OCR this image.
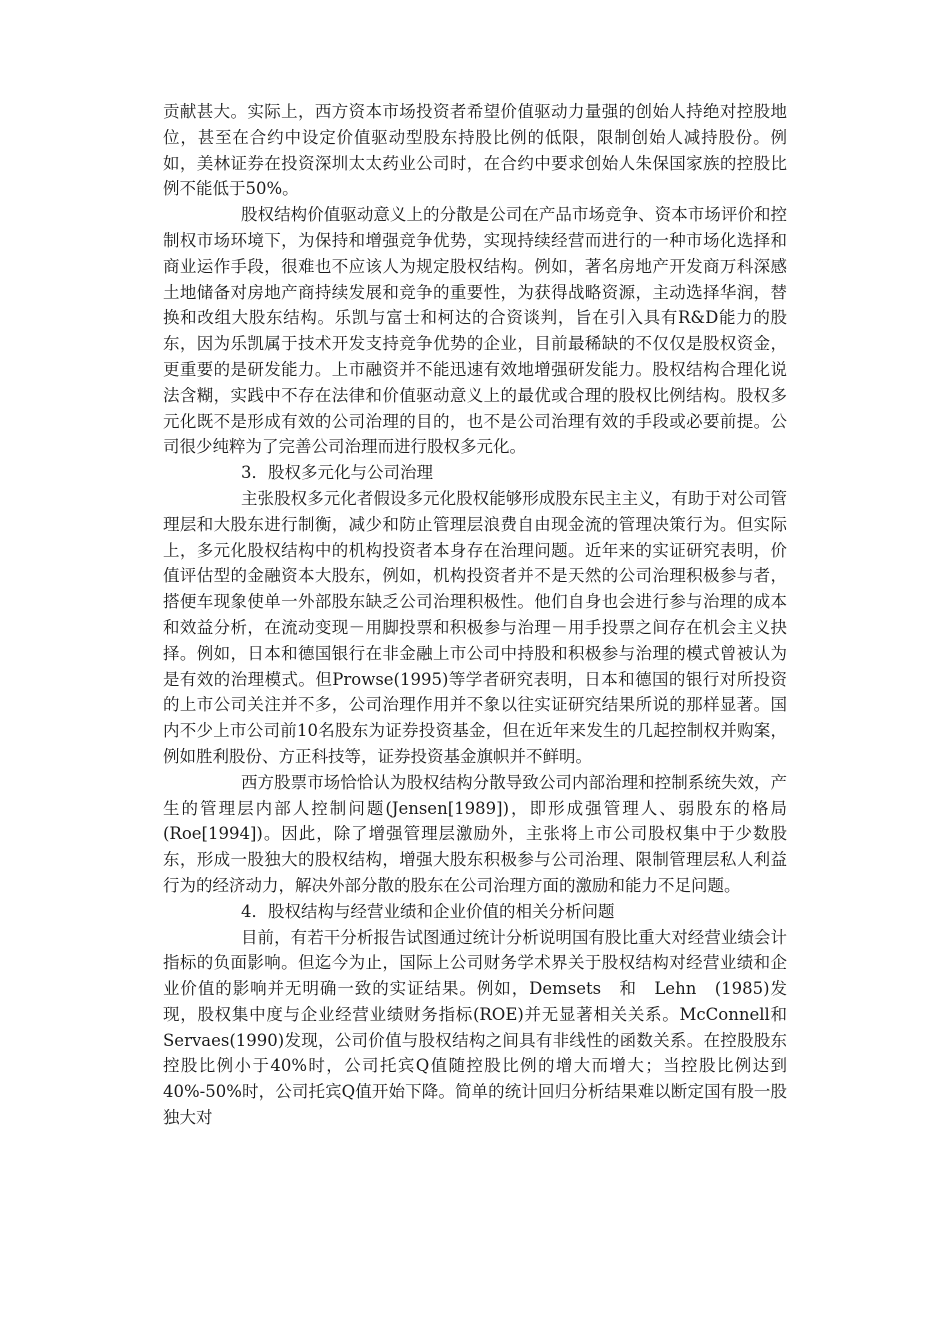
贡献甚大。实际上，西方资本市场投资者希望价值驱动力量强的创始人持绝对控股地位，甚至在合约中设定价值驱动型股东持股比例的低限，限制创始人减持股份。例如，美林证券在投资深圳太太药业公司时，在合约中要求创始人朱保国家族的控股比例不能低于50%。

股权结构价值驱动意义上的分散是公司在产品市场竞争、资本市场评价和控制权市场环境下，为保持和增强竞争优势，实现持续经营而进行的一种市场化选择和商业运作手段，很难也不应该人为规定股权结构。例如，著名房地产开发商万科深感土地储备对房地产商持续发展和竞争的重要性，为获得战略资源，主动选择华润，替换和改组大股东结构。乐凯与富士和柯达的合资谈判，旨在引入具有R&D能力的股东，因为乐凯属于技术开发支持竞争优势的企业，目前最稀缺的不仅仅是股权资金，更重要的是研发能力。上市融资并不能迅速有效地增强研发能力。股权结构合理化说法含糊，实践中不存在法律和价值驱动意义上的最优或合理的股权比例结构。股权多元化既不是形成有效的公司治理的目的，也不是公司治理有效的手段或必要前提。公司很少纯粹为了完善公司治理而进行股权多元化。

3．股权多元化与公司治理

主张股权多元化者假设多元化股权能够形成股东民主主义，有助于对公司管理层和大股东进行制衡，减少和防止管理层浪费自由现金流的管理决策行为。但实际上，多元化股权结构中的机构投资者本身存在治理问题。近年来的实证研究表明，价值评估型的金融资本大股东，例如，机构投资者并不是天然的公司治理积极参与者，搭便车现象使单一外部股东缺乏公司治理积极性。他们自身也会进行参与治理的成本和效益分析，在流动变现－用脚投票和积极参与治理－用手投票之间存在机会主义抉择。例如，日本和德国银行在非金融上市公司中持股和积极参与治理的模式曾被认为是有效的治理模式。但Prowse(1995)等学者研究表明，日本和德国的银行对所投资的上市公司关注并不多，公司治理作用并不象以往实证研究结果所说的那样显著。国内不少上市公司前10名股东为证券投资基金，但在近年来发生的几起控制权并购案，例如胜利股份、方正科技等，证券投资基金旗帜并不鲜明。

西方股票市场恰恰认为股权结构分散导致公司内部治理和控制系统失效，产生的管理层内部人控制问题(Jensen[1989])，即形成强管理人、弱股东的格局　(Roe[1994])。因此，除了增强管理层激励外，主张将上市公司股权集中于少数股东，形成一股独大的股权结构，增强大股东积极参与公司治理、限制管理层私人利益行为的经济动力，解决外部分散的股东在公司治理方面的激励和能力不足问题。

4．股权结构与经营业绩和企业价值的相关分析问题

目前，有若干分析报告试图通过统计分析说明国有股比重大对经营业绩会计指标的负面影响。但迄今为止，国际上公司财务学术界关于股权结构对经营业绩和企业价值的影响并无明确一致的实证结果。例如，Demsets　和　Lehn　(1985)发现，股权集中度与企业经营业绩财务指标(ROE)并无显著相关关系。McConnell和Servaes(1990)发现，公司价值与股权结构之间具有非线性的函数关系。在控股股东控股比例小于40%时，公司托宾Q值随控股比例的增大而增大；当控股比例达到40%-50%时，公司托宾Q值开始下降。简单的统计回归分析结果难以断定国有股一股独大对
